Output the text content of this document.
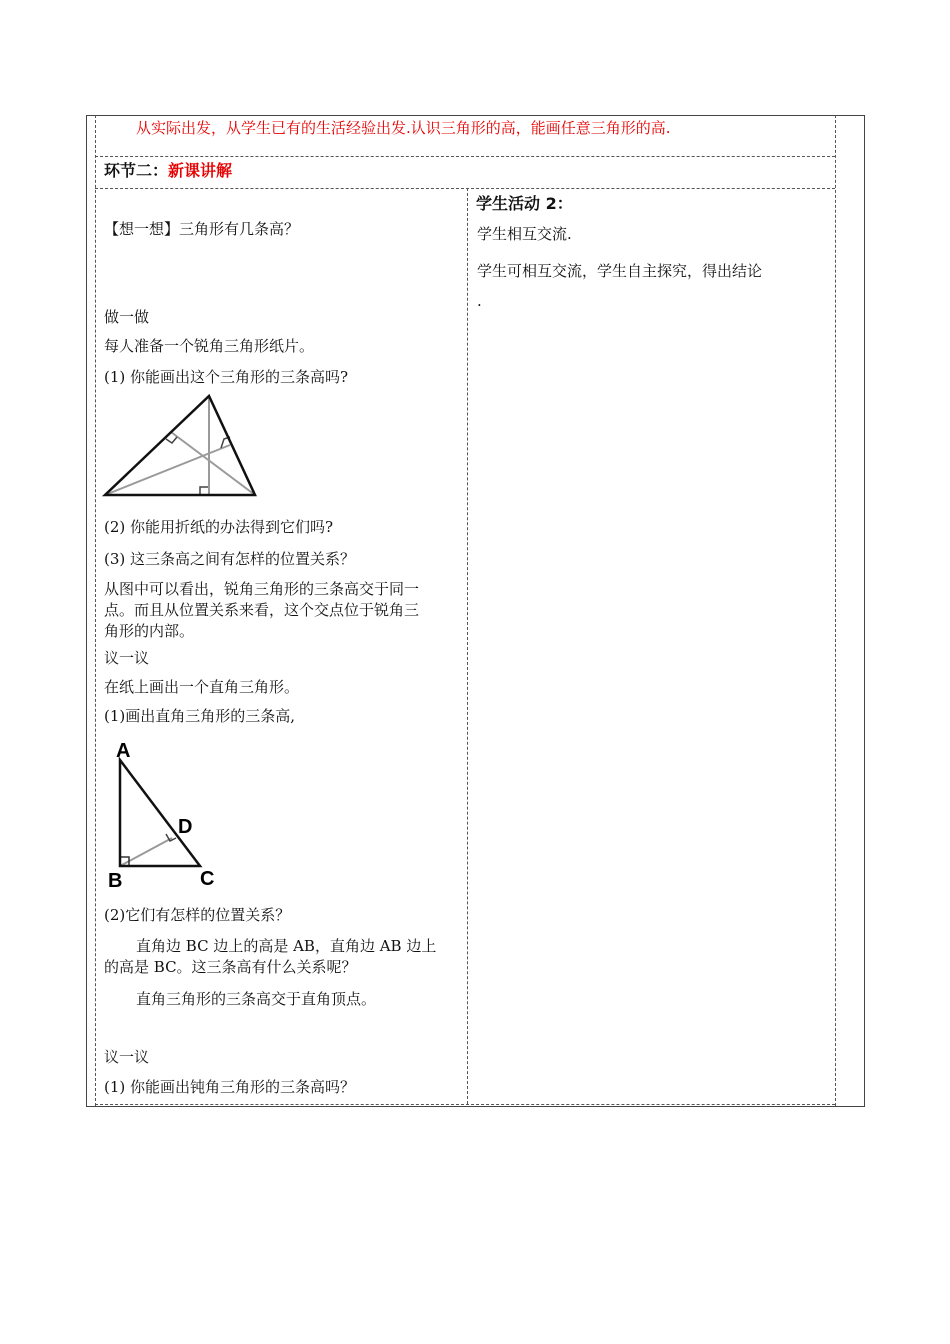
从实际出发，从学生已有的生活经验出发.认识三角形的高，能画任意三角形的高.
环节二：新课讲解
【想一想】三角形有几条高？
做一做
每人准备一个锐角三角形纸片。
(1) 你能画出这个三角形的三条高吗?
(2) 你能用折纸的办法得到它们吗?
(3) 这三条高之间有怎样的位置关系？
从图中可以看出，锐角三角形的三条高交于同一
点。而且从位置关系来看，这个交点位于锐角三
角形的内部。
议一议
在纸上画出一个直角三角形。
(1)画出直角三角形的三条高,
A
D
B	C
(2)它们有怎样的位置关系？
直角边 BC 边上的高是 AB，直角边 AB 边上
的高是 BC。这三条高有什么关系呢？
直角三角形的三条高交于直角顶点。
议一议
(1) 你能画出钝角三角形的三条高吗？
学生活动 2：
学生相互交流.
学生可相互交流，学生自主探究，得出结论
.
